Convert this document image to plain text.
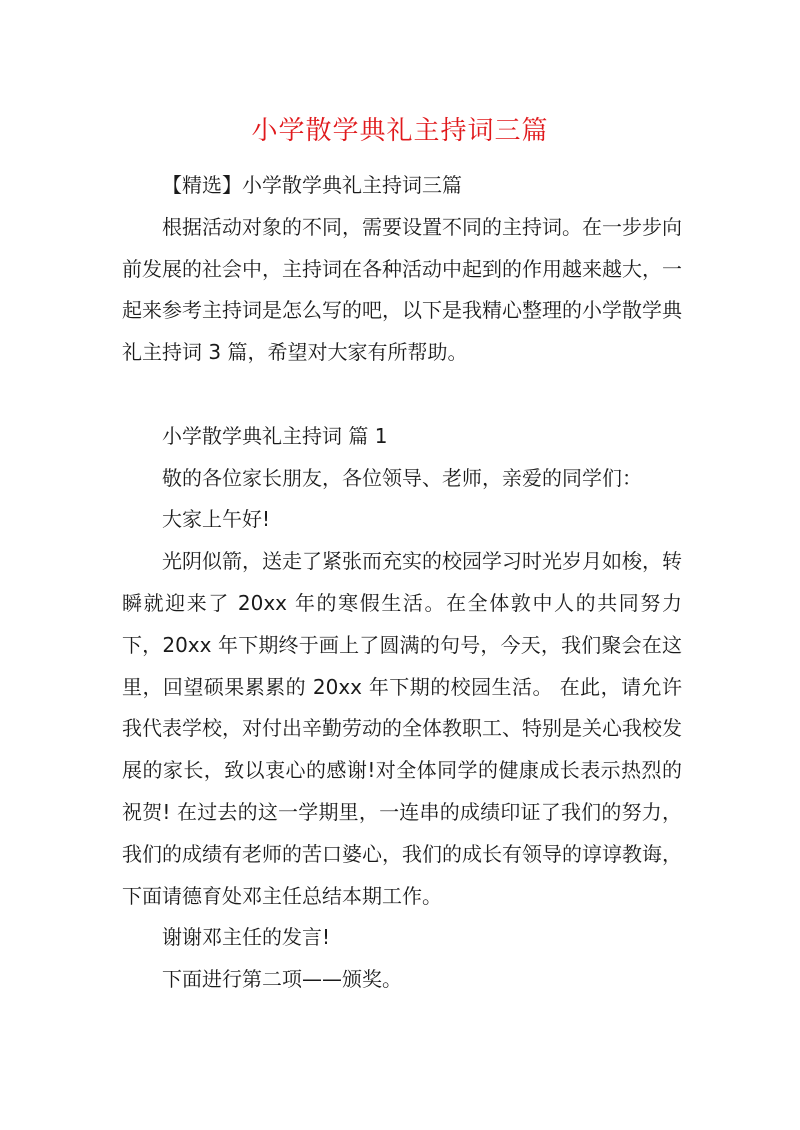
小学散学典礼主持词三篇

【精选】小学散学典礼主持词三篇

根据活动对象的不同，需要设置不同的主持词。在一步步向前发展的社会中，主持词在各种活动中起到的作用越来越大，一起来参考主持词是怎么写的吧，以下是我精心整理的小学散学典礼主持词 3 篇，希望对大家有所帮助。

小学散学典礼主持词 篇 1

敬的各位家长朋友，各位领导、老师，亲爱的同学们：

大家上午好!

光阴似箭，送走了紧张而充实的校园学习时光岁月如梭，转瞬就迎来了 20xx 年的寒假生活。在全体敦中人的共同努力下，20xx 年下期终于画上了圆满的句号，今天，我们聚会在这里，回望硕果累累的 20xx 年下期的校园生活。 在此，请允许我代表学校，对付出辛勤劳动的全体教职工、特别是关心我校发展的家长，致以衷心的感谢!对全体同学的健康成长表示热烈的祝贺! 在过去的这一学期里，一连串的成绩印证了我们的努力，我们的成绩有老师的苦口婆心，我们的成长有领导的谆谆教诲，下面请德育处邓主任总结本期工作。

谢谢邓主任的发言!

下面进行第二项——颁奖。
